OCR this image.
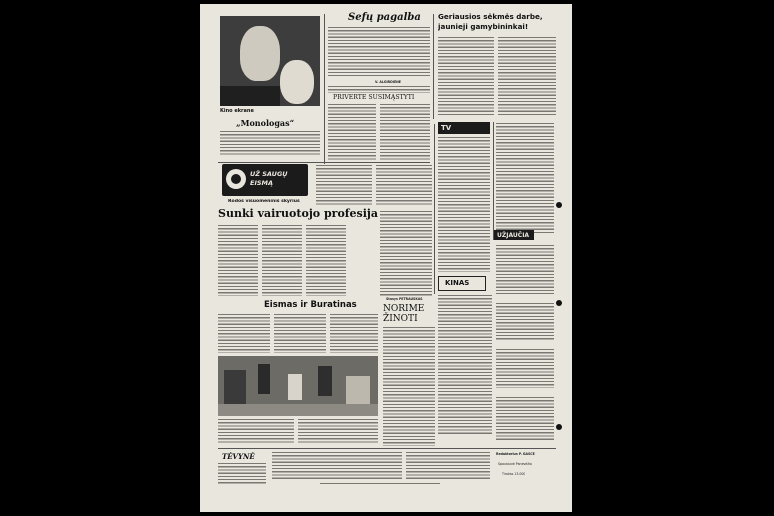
Kino ekrane
„Monologas“
Šefų pagalba
V. ALGIRDIENĖ
PRIVERTĖ SUSIMĄSTYTI
Geriausios sėkmės darbe, jaunieji gamybininkai!
UŽ SAUGŲ EISMĄ
Rodos visuomeninis skyrius
Sunki vairuotojo profesija
TV
UŽJAUČIA
KINAS
Stasys PETRAUSKAS
NORIME ŽINOTI
Eismas ir Buratinas
TĖVYNĖ	Redaktorius P. GASČE
Spaustuvė Panevėžio
Tiražas 13.000
